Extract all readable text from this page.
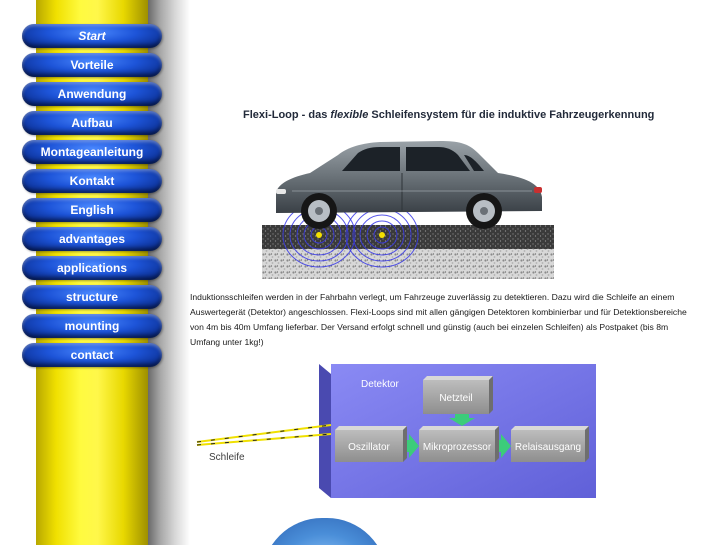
Start
Vorteile
Anwendung
Aufbau
Montageanleitung
Kontakt
English
advantages
applications
structure
mounting
contact
Flexi-Loop - das flexible Schleifensystem für die induktive Fahrzeugerkennung

Induktionsschleifen werden in der Fahrbahn verlegt, um Fahrzeuge zuverlässig zu detektieren. Dazu wird die Schleife an einem Auswertegerät (Detektor) angeschlossen. Flexi-Loops sind mit allen gängigen Detektoren kombinierbar und für Detektionsbereiche von 4m bis 40m Umfang lieferbar. Der Versand erfolgt schnell und günstig (auch bei einzelen Schleifen) als Postpaket (bis 8m Umfang unter 1kg!)

Detektor
Schleife
Netzteil
Oszillator	Mikroprozessor Relaisausgang
